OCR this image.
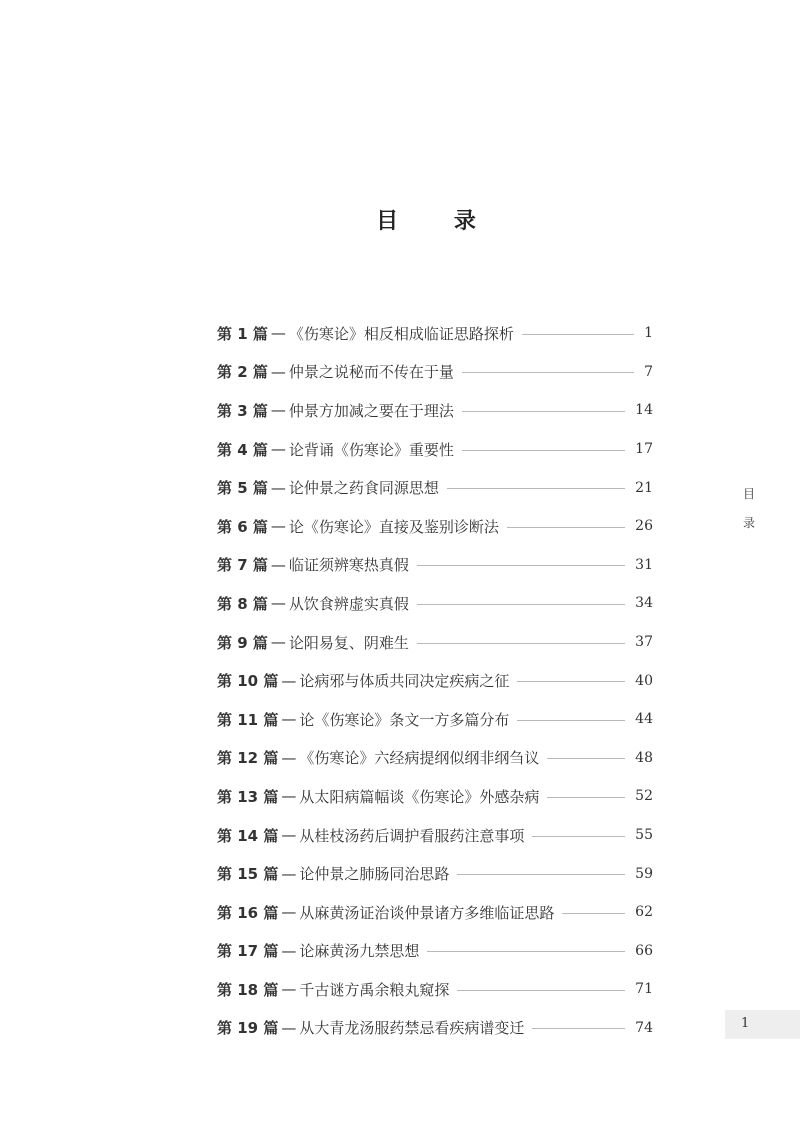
目 录
第 1 篇 — 《伤寒论》相反相成临证思路探析	1
第 2 篇 — 仲景之说秘而不传在于量	7
第 3 篇 — 仲景方加减之要在于理法	14
第 4 篇 — 论背诵《伤寒论》重要性	17
第 5 篇 — 论仲景之药食同源思想	21
第 6 篇 — 论《伤寒论》直接及鉴别诊断法	26
第 7 篇 — 临证须辨寒热真假	31
第 8 篇 — 从饮食辨虚实真假	34
第 9 篇 — 论阳易复、阴难生	37
第 10 篇 — 论病邪与体质共同决定疾病之征	40
第 11 篇 — 论《伤寒论》条文一方多篇分布	44
第 12 篇 — 《伤寒论》六经病提纲似纲非纲刍议	48
第 13 篇 — 从太阳病篇幅谈《伤寒论》外感杂病	52
第 14 篇 — 从桂枝汤药后调护看服药注意事项	55
第 15 篇 — 论仲景之肺肠同治思路	59
第 16 篇 — 从麻黄汤证治谈仲景诸方多维临证思路	62
第 17 篇 — 论麻黄汤九禁思想	66
第 18 篇 — 千古谜方禹余粮丸窥探	71
第 19 篇 — 从大青龙汤服药禁忌看疾病谱变迁	74
目
录
1
